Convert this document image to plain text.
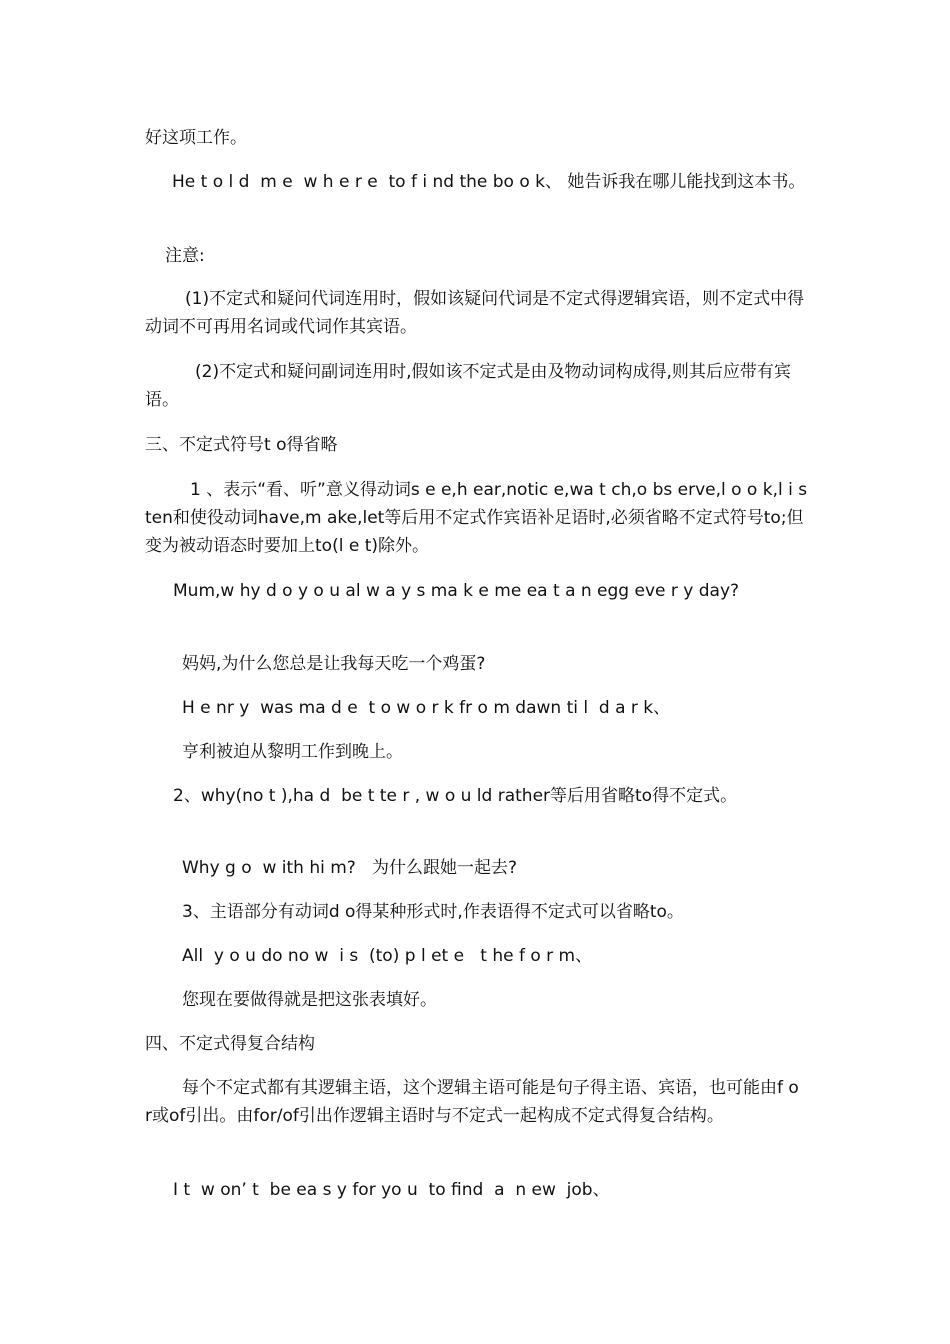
好这项工作。

He t o l d  m e  w h e r e  to f i nd the bo o k、 她告诉我在哪儿能找到这本书。

注意:

(1)不定式和疑问代词连用时，假如该疑问代词是不定式得逻辑宾语，则不定式中得动词不可再用名词或代词作其宾语。

(2)不定式和疑问副词连用时,假如该不定式是由及物动词构成得,则其后应带有宾语。

三、不定式符号t o得省略

1 、表示“看、听”意义得动词s e e,h ear,notic e,wa t ch,o bs erve,l o o k,l i sten和使役动词have,m ake,let等后用不定式作宾语补足语时,必须省略不定式符号to;但变为被动语态时要加上to(l e t)除外。

Mum,w hy d o y o u al w a y s ma k e me ea t a n egg eve r y day?

妈妈,为什么您总是让我每天吃一个鸡蛋?

H e nr y  was ma d e  t o w o r k fr o m dawn ti l  d a r k、

亨利被迫从黎明工作到晚上。

2、why(no t ),ha d  be t te r , w o u ld rather等后用省略to得不定式。

Why g o  w ith hi m?   为什么跟她一起去?

3、主语部分有动词d o得某种形式时,作表语得不定式可以省略to。

All  y o u do no w  i s  (to) p l et e   t he f o r m、

您现在要做得就是把这张表填好。

四、不定式得复合结构

每个不定式都有其逻辑主语，这个逻辑主语可能是句子得主语、宾语，也可能由f o r或of引出。由for/of引出作逻辑主语时与不定式一起构成不定式得复合结构。

I t  w on’ t  be ea s y for yo u  to find  a  n ew  job、
